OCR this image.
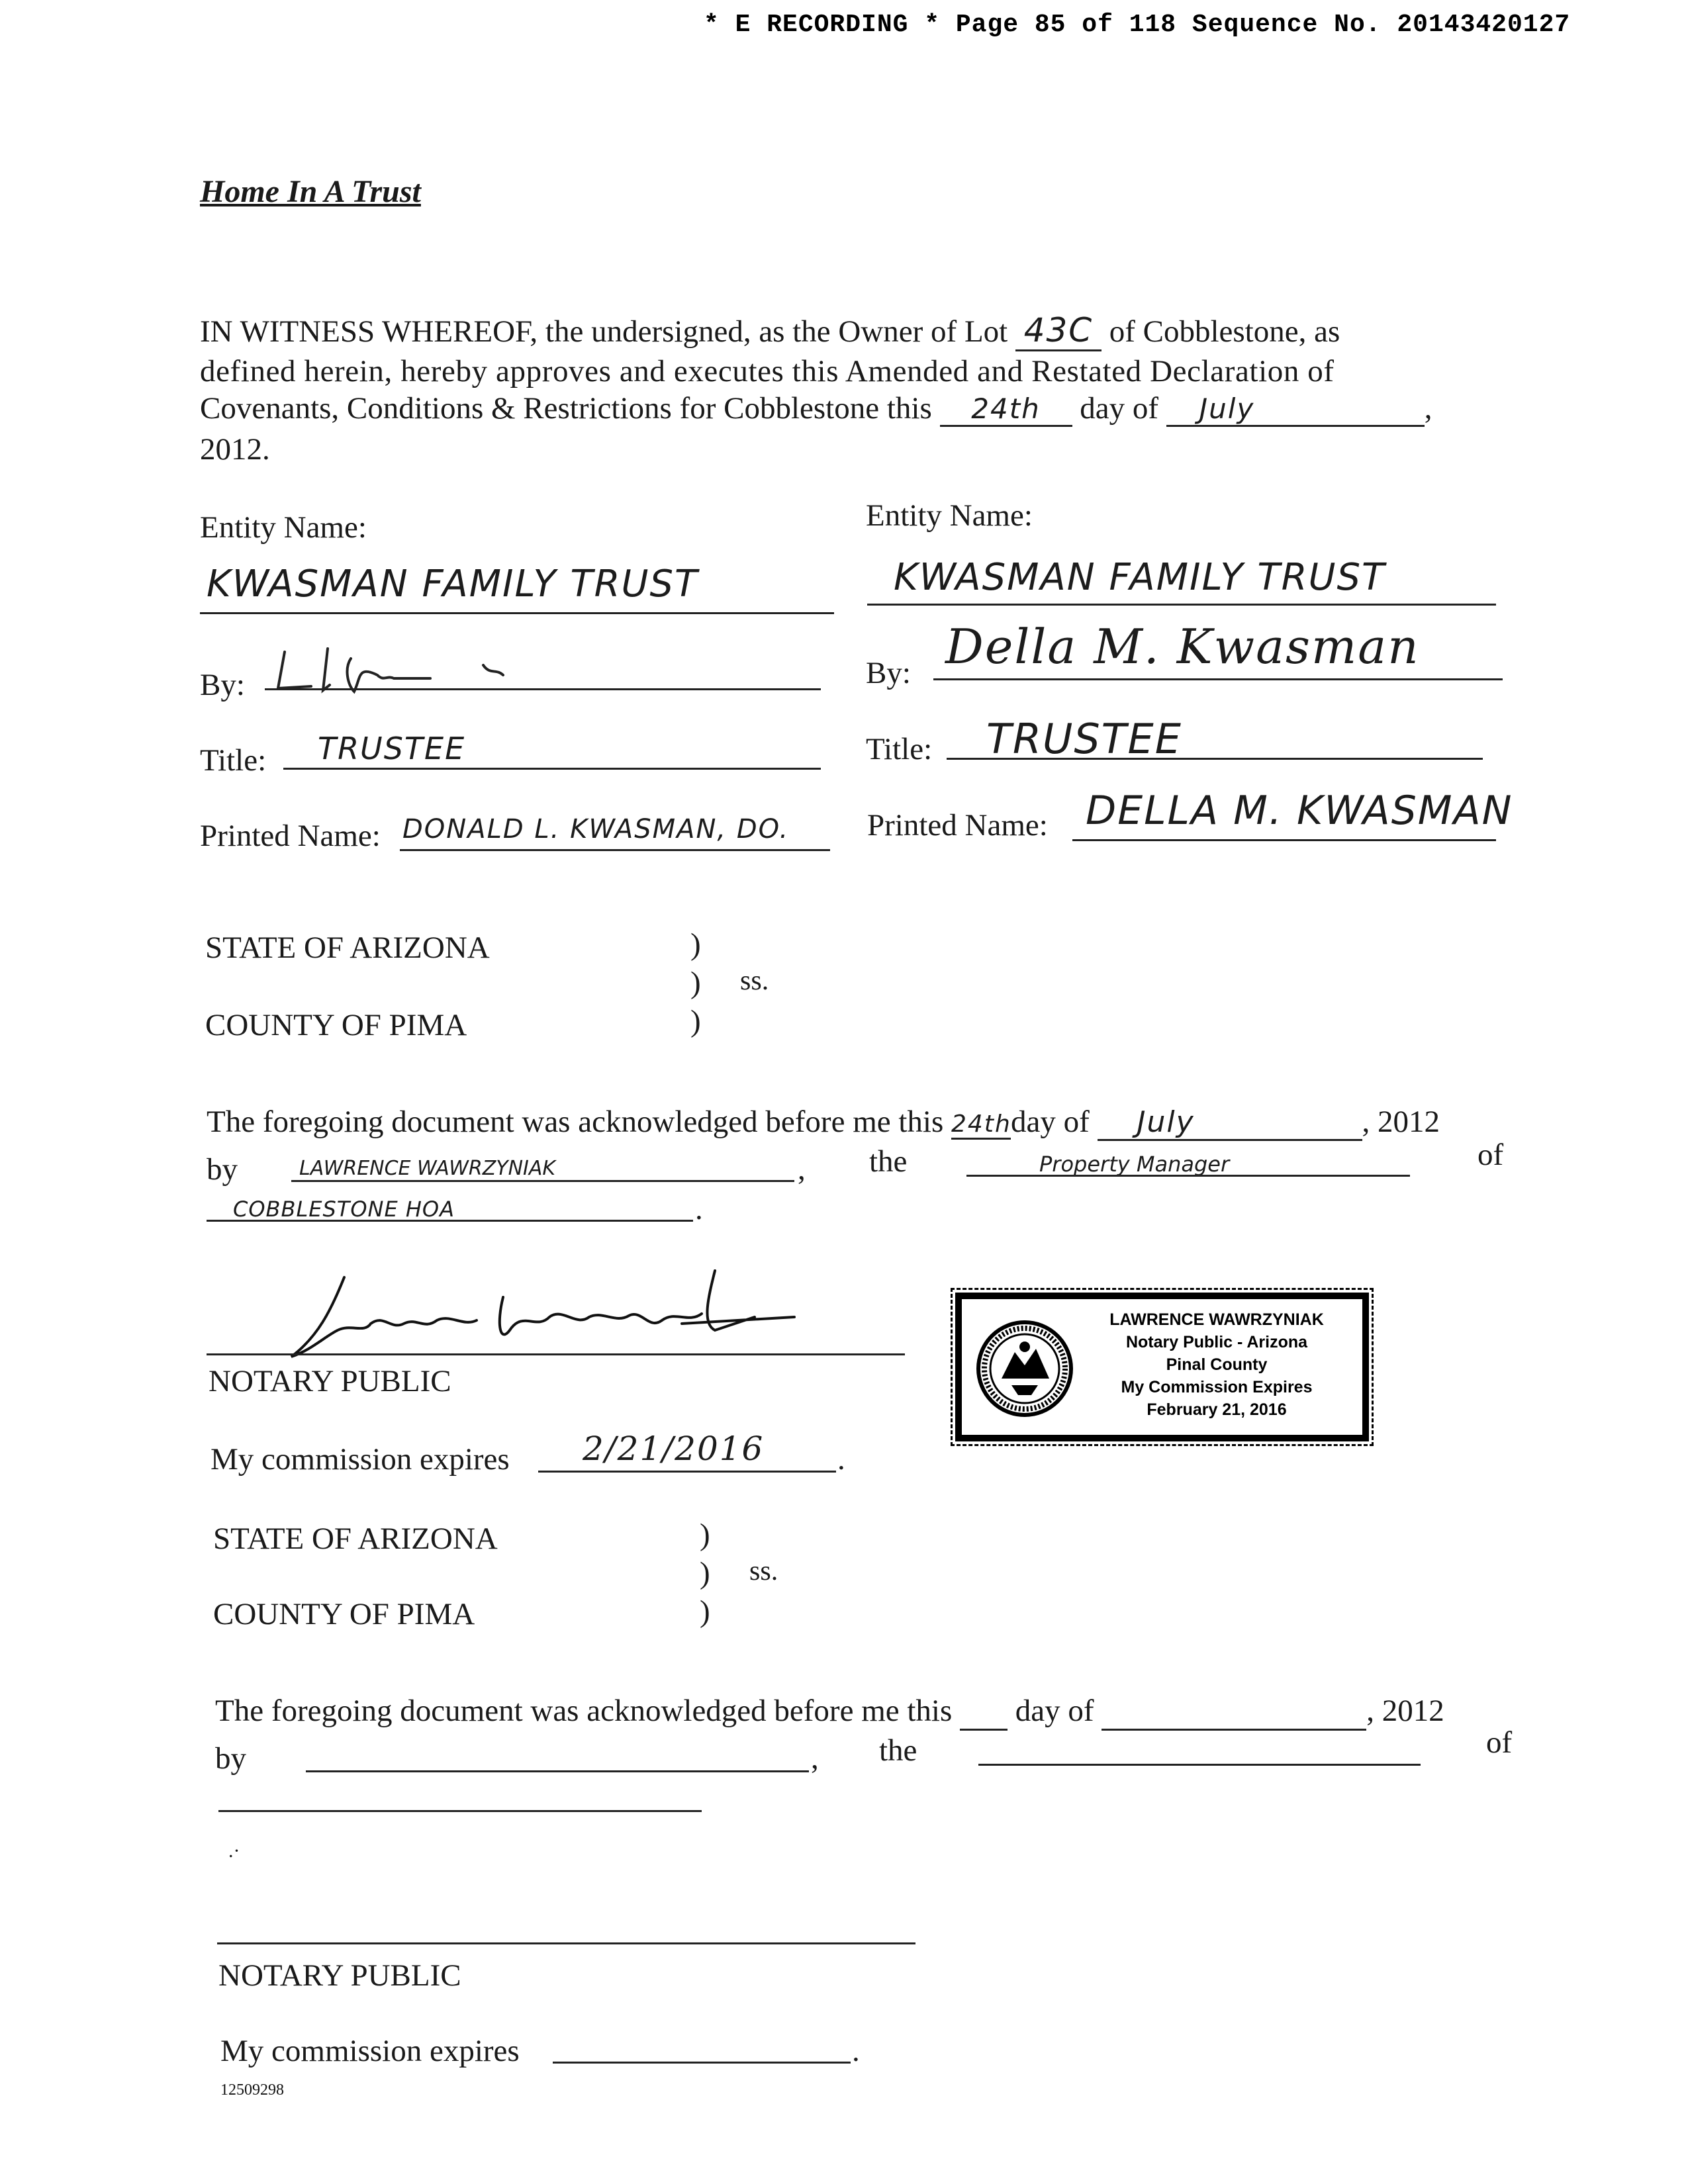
* E RECORDING * Page 85 of 118 Sequence No. 20143420127
Home In A Trust
IN WITNESS WHEREOF, the undersigned, as the Owner of Lot 43C of Cobblestone, as
defined herein, hereby approves and executes this Amended and Restated Declaration of
Covenants, Conditions & Restrictions for Cobblestone this 24th day of July	,
2012.
Entity Name:
KWASMAN FAMILY TRUST
By:
Title: TRUSTEE
Printed Name: DONALD L. KWASMAN, DO.
Entity Name:
KWASMAN FAMILY TRUST
By: Della M. Kwasman
Title: TRUSTEE
Printed Name: DELLA M. KWASMAN
STATE OF ARIZONA
COUNTY OF PIMA
)
)
)
ss.
The foregoing document was acknowledged before me this 24thday of July	, 2012
by	LAWRENCE WAWRZYNIAK	, the	Property Manager	of
COBBLESTONE HOA	.
NOTARY PUBLIC
My commission expires 2/21/2016 .
LAWRENCE WAWRZYNIAK
Notary Public - Arizona
Pinal County
My Commission Expires
February 21, 2016
STATE OF ARIZONA
COUNTY OF PIMA
)
)
)
ss.
The foregoing document was acknowledged before me this day of	, 2012
by	, the	of
.·
NOTARY PUBLIC
My commission expires	.
12509298
